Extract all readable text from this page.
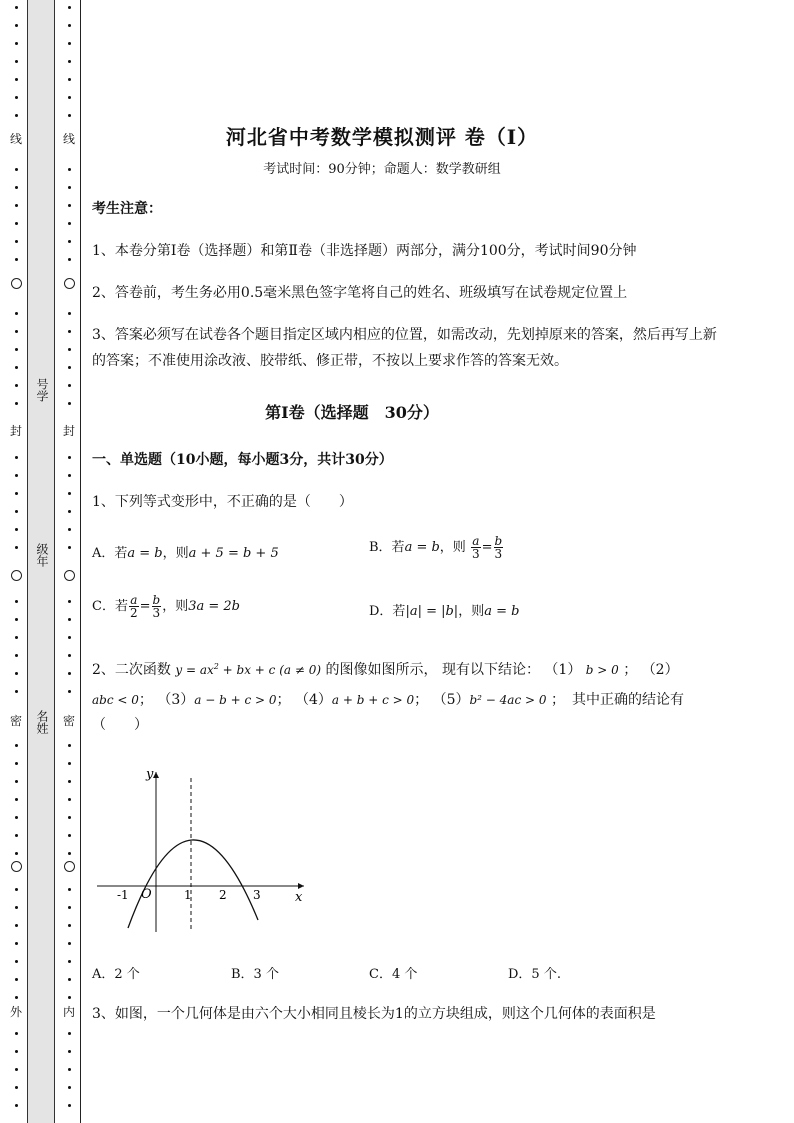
线
封
密
外
线
封
密
内
号学
级年
名姓
河北省中考数学模拟测评 卷（Ⅰ）
考试时间：90分钟；命题人：数学教研组
考生注意：
1、本卷分第Ⅰ卷（选择题）和第Ⅱ卷（非选择题）两部分，满分100分，考试时间90分钟
2、答卷前，考生务必用0.5毫米黑色签字笔将自己的姓名、班级填写在试卷规定位置上
3、答案必须写在试卷各个题目指定区域内相应的位置，如需改动，先划掉原来的答案，然后再写上新
的答案；不准使用涂改液、胶带纸、修正带，不按以上要求作答的答案无效。
第Ⅰ卷（选择题　30分）
一、单选题（10小题，每小题3分，共计30分）
1、下列等式变形中，不正确的是（　　）
A．若a = b，则a + 5 = b + 5	B．若a = b，则 $\frac{a}{3} = \frac{b}{3}$
C．若 $\frac{a}{2} = \frac{b}{3}$ ，则3a = 2b	D．若|a| = |b|，则a = b
2、二次函数 $y = ax^2$ + bx + c (a ≠ 0) 的图像如图所示， 现有以下结论： （1） b > 0 ； （2）
abc < 0； （3）a − b + c > 0； （4）a + b + c > 0； （5）b² − 4ac > 0 ；　其中正确的结论有
（　　）
y
x
O
-1	1 2 3
A．2 个	B．3 个	C．4 个	D．5 个.
3、如图，一个几何体是由六个大小相同且棱长为1的立方块组成，则这个几何体的表面积是
